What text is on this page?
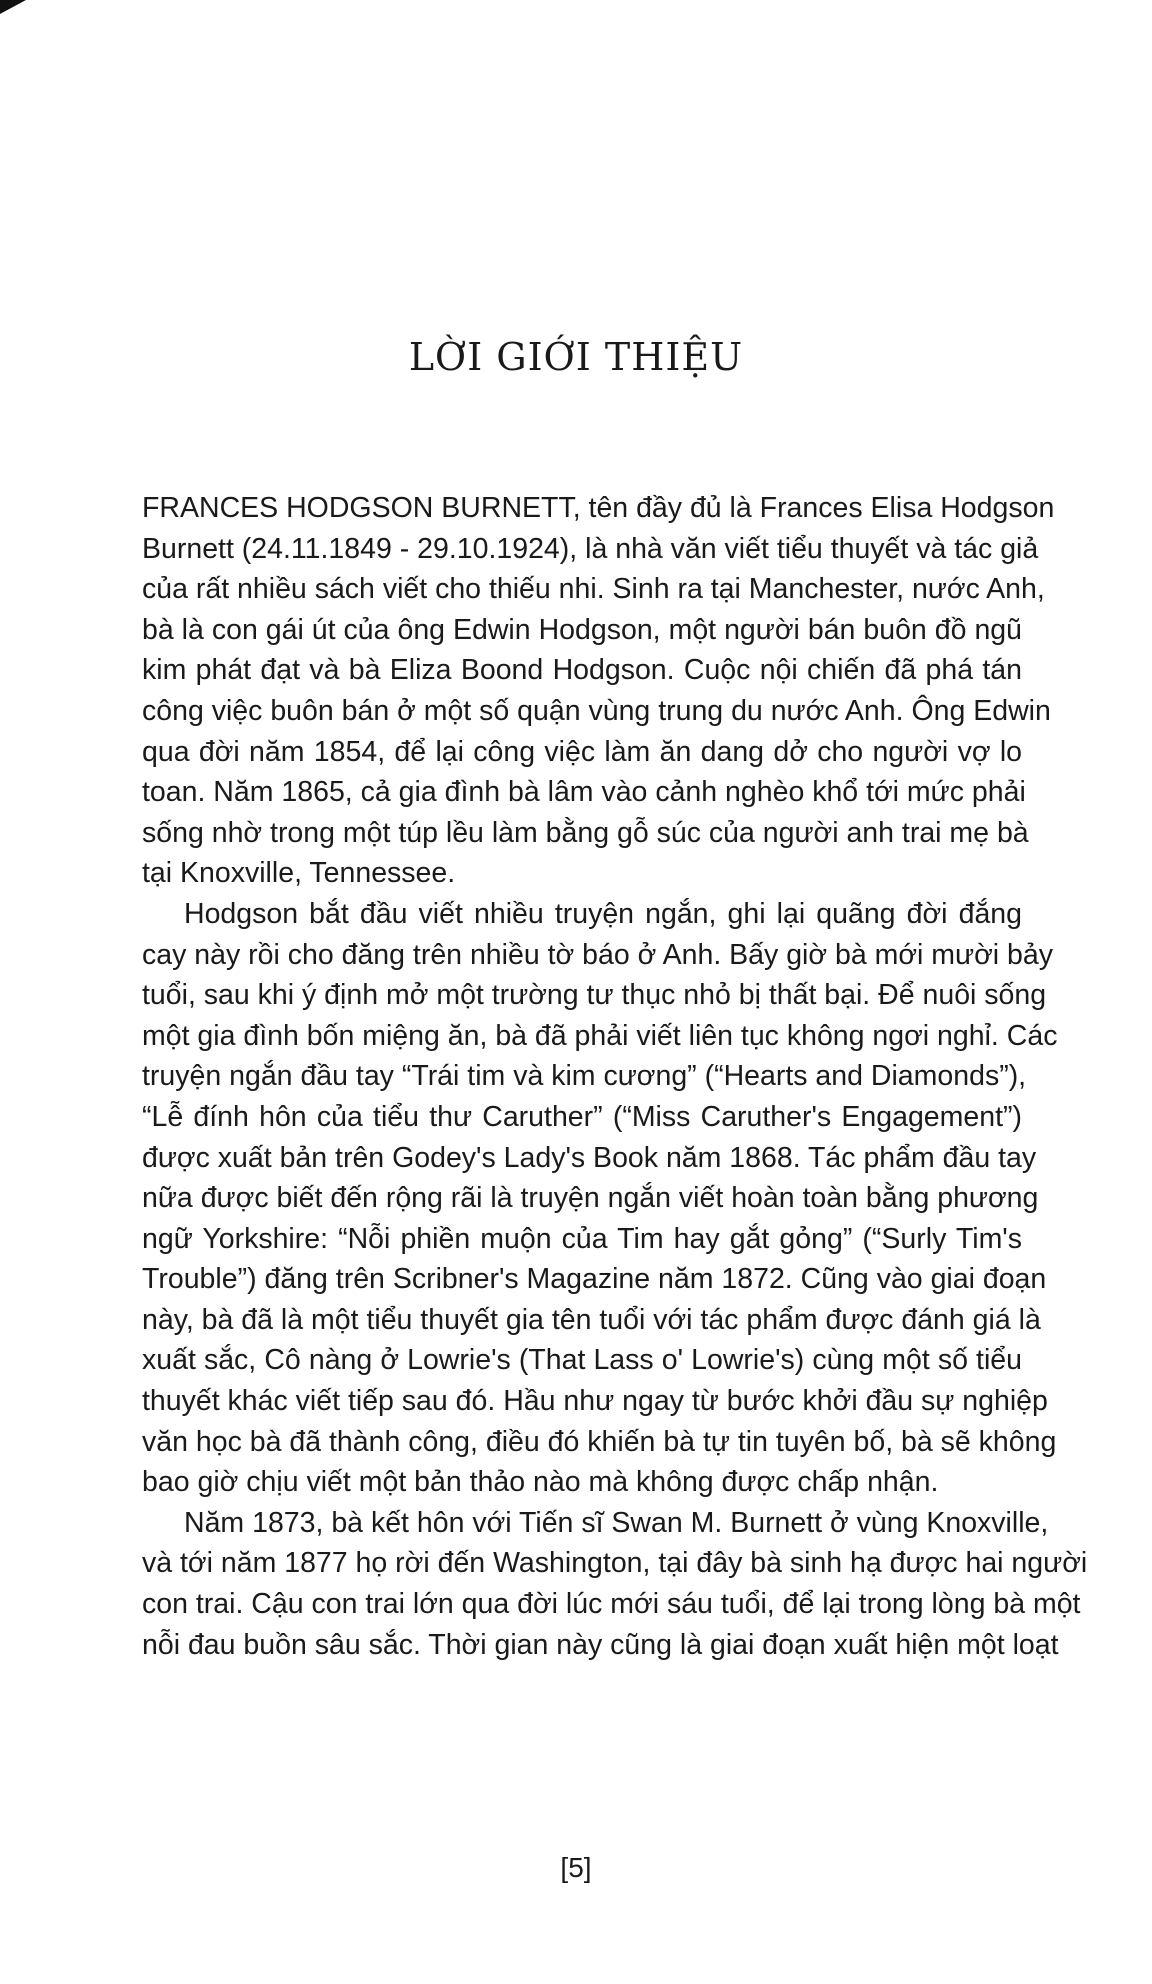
LỜI GIỚI THIỆU

FRANCES HODGSON BURNETT, tên đầy đủ là Frances Elisa Hodgson
Burnett (24.11.1849 - 29.10.1924), là nhà văn viết tiểu thuyết và tác giả
của rất nhiều sách viết cho thiếu nhi. Sinh ra tại Manchester, nước Anh,
bà là con gái út của ông Edwin Hodgson, một người bán buôn đồ ngũ
kim phát đạt và bà Eliza Boond Hodgson. Cuộc nội chiến đã phá tán
công việc buôn bán ở một số quận vùng trung du nước Anh. Ông Edwin
qua đời năm 1854, để lại công việc làm ăn dang dở cho người vợ lo
toan. Năm 1865, cả gia đình bà lâm vào cảnh nghèo khổ tới mức phải
sống nhờ trong một túp lều làm bằng gỗ súc của người anh trai mẹ bà
tại Knoxville, Tennessee.

Hodgson bắt đầu viết nhiều truyện ngắn, ghi lại quãng đời đắng
cay này rồi cho đăng trên nhiều tờ báo ở Anh. Bấy giờ bà mới mười bảy
tuổi, sau khi ý định mở một trường tư thục nhỏ bị thất bại. Để nuôi sống
một gia đình bốn miệng ăn, bà đã phải viết liên tục không ngơi nghỉ. Các
truyện ngắn đầu tay “Trái tim và kim cương” (“Hearts and Diamonds”),
“Lễ đính hôn của tiểu thư Caruther” (“Miss Caruther's Engagement”)
được xuất bản trên Godey's Lady's Book năm 1868. Tác phẩm đầu tay
nữa được biết đến rộng rãi là truyện ngắn viết hoàn toàn bằng phương
ngữ Yorkshire: “Nỗi phiền muộn của Tim hay gắt gỏng” (“Surly Tim's
Trouble”) đăng trên Scribner's Magazine năm 1872. Cũng vào giai đoạn
này, bà đã là một tiểu thuyết gia tên tuổi với tác phẩm được đánh giá là
xuất sắc, Cô nàng ở Lowrie's (That Lass o' Lowrie's) cùng một số tiểu
thuyết khác viết tiếp sau đó. Hầu như ngay từ bước khởi đầu sự nghiệp
văn học bà đã thành công, điều đó khiến bà tự tin tuyên bố, bà sẽ không
bao giờ chịu viết một bản thảo nào mà không được chấp nhận.

Năm 1873, bà kết hôn với Tiến sĩ Swan M. Burnett ở vùng Knoxville,
và tới năm 1877 họ rời đến Washington, tại đây bà sinh hạ được hai người
con trai. Cậu con trai lớn qua đời lúc mới sáu tuổi, để lại trong lòng bà một
nỗi đau buồn sâu sắc. Thời gian này cũng là giai đoạn xuất hiện một loạt

[5]
